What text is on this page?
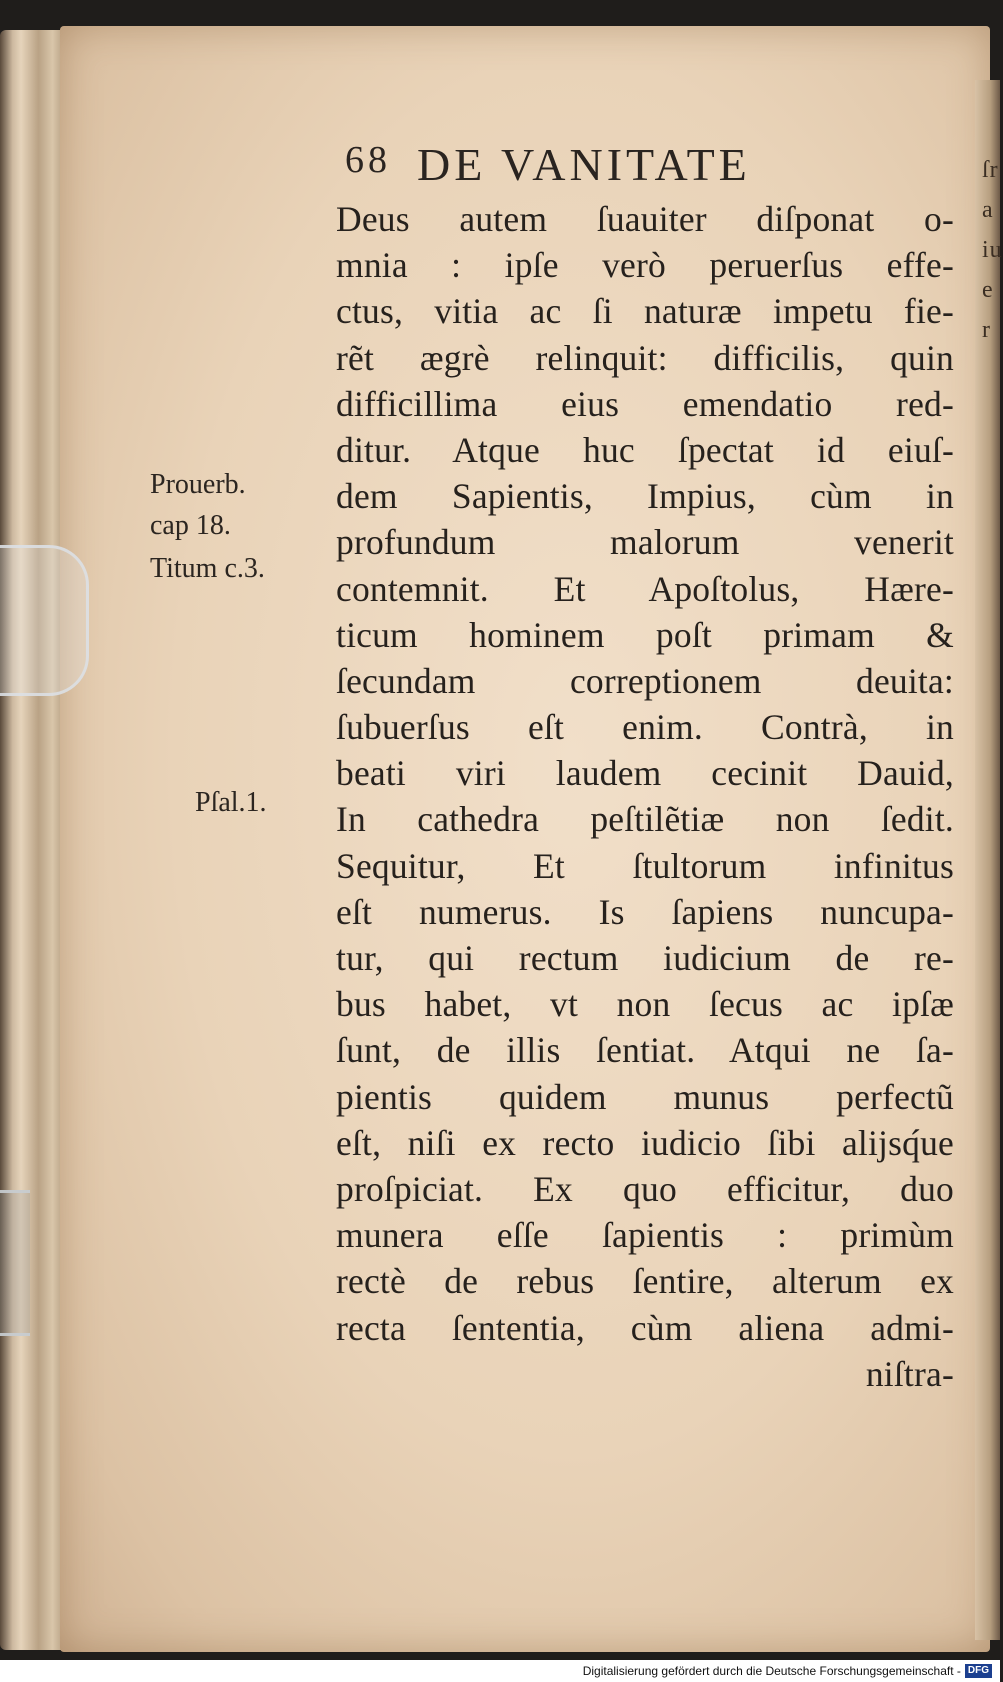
ſr a iu e r
68 DE VANITATE
Prouerb.
cap 18.
Titum c.3.
Pſal.1.
Deus autem ſuauiter diſponat o-
mnia : ipſe verò peruerſus effe-
ctus, vitia ac ſi naturæ impetu fie-
rẽt ægrè relinquit: difficilis, quin
difficillima eius emendatio red-
ditur. Atque huc ſpectat id eiuſ-
dem Sapientis, Impius, cùm in
profundum malorum venerit
contemnit. Et Apoſtolus, Hære-
ticum hominem poſt primam &
ſecundam correptionem deuita:
ſubuerſus eſt enim. Contrà, in
beati viri laudem cecinit Dauid,
In cathedra peſtilẽtiæ non ſedit.
Sequitur, Et ſtultorum infinitus
eſt numerus. Is ſapiens nuncupa-
tur, qui rectum iudicium de re-
bus habet, vt non ſecus ac ipſæ
ſunt, de illis ſentiat. Atqui ne ſa-
pientis quidem munus perfectũ
eſt, niſi ex recto iudicio ſibi alijsq́ue
proſpiciat. Ex quo efficitur, duo
munera eſſe ſapientis : primùm
rectè de rebus ſentire, alterum ex
recta ſententia, cùm aliena admi-
niſtra-
Digitalisierung gefördert durch die Deutsche Forschungsgemeinschaft - DFG
